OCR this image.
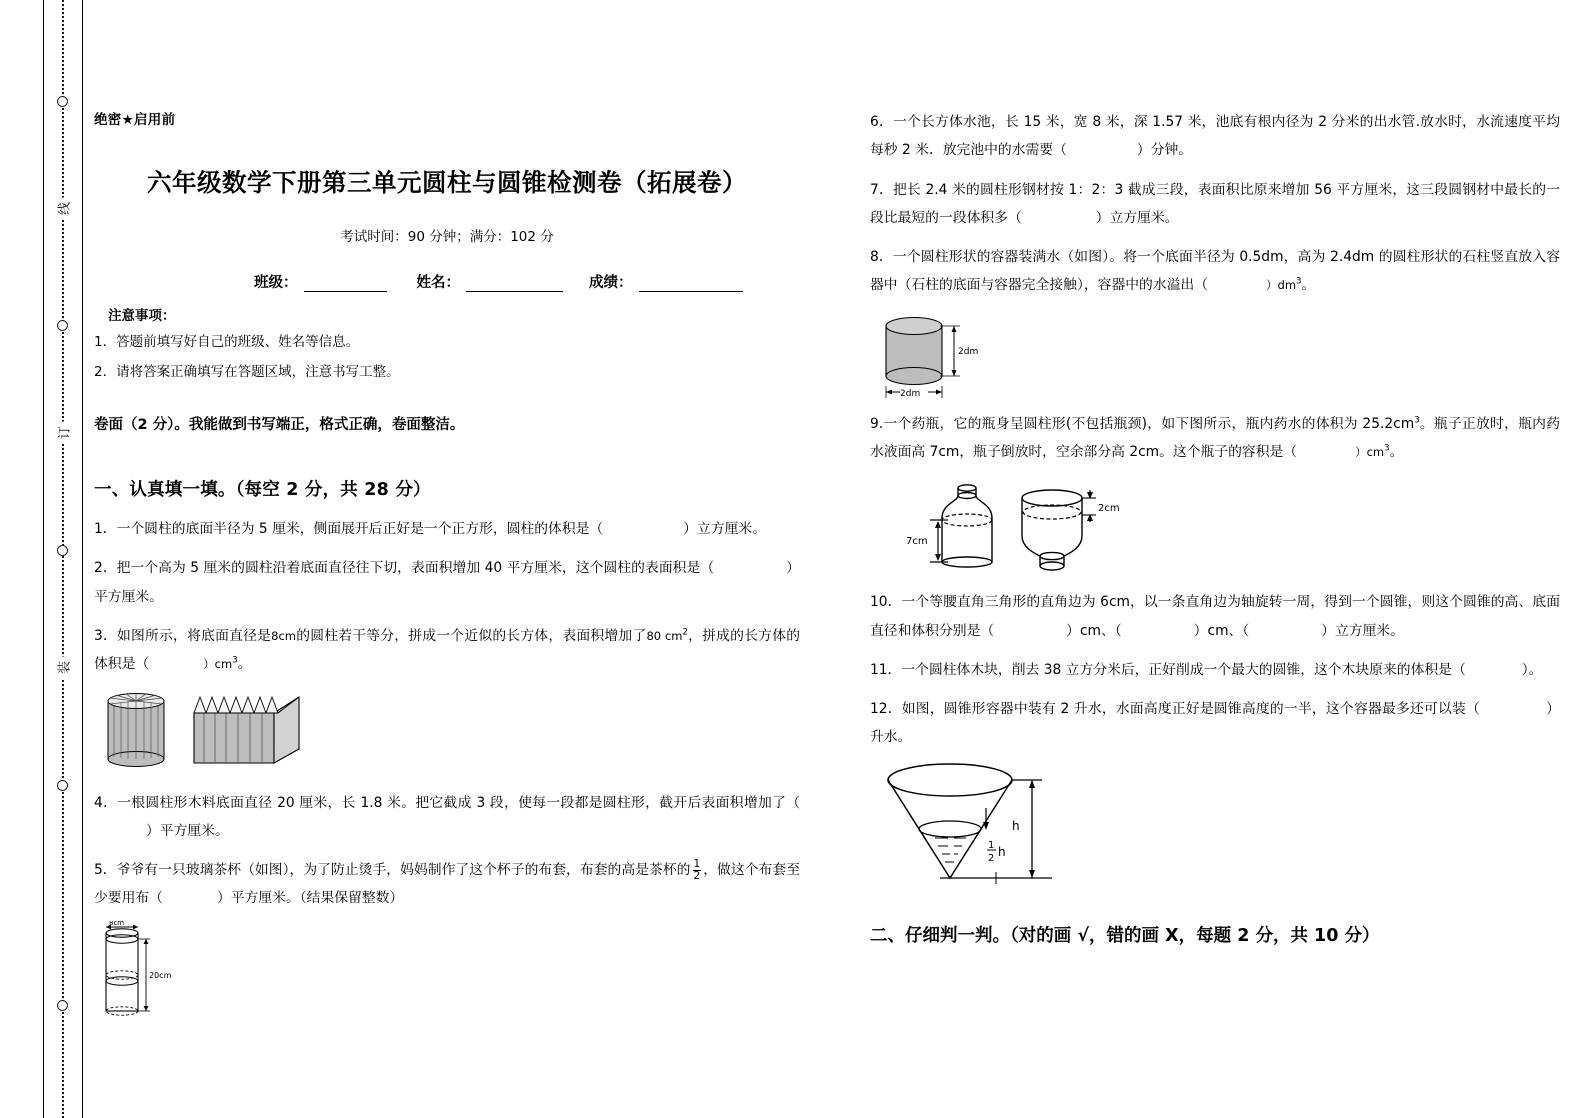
线
订
装
绝密★启用前
六年级数学下册第三单元圆柱与圆锥检测卷（拓展卷）
考试时间：90 分钟；满分：102 分
班级：	姓名：	成绩：
注意事项：
1．答题前填写好自己的班级、姓名等信息。
2．请将答案正确填写在答题区域，注意书写工整。
卷面（2 分）。我能做到书写端正，格式正确，卷面整洁。
一、认真填一填。（每空 2 分，共 28 分）
1．一个圆柱的底面半径为 5 厘米，侧面展开后正好是一个正方形，圆柱的体积是（	）立方厘米。
2．把一个高为 5 厘米的圆柱沿着底面直径往下切，表面积增加 40 平方厘米，这个圆柱的表面积是（	）平方厘米。
3．如图所示，将底面直径是8cm的圆柱若干等分，拼成一个近似的长方体，表面积增加了80 $cm^2$，拼成的长方体的体积是（	）$cm^3$。
4．一根圆柱形木料底面直径 20 厘米，长 1.8 米。把它截成 3 段，使每一段都是圆柱形，截开后表面积增加了（）平方厘米。
5．爷爷有一只玻璃茶杯（如图），为了防止烫手，妈妈制作了这个杯子的布套，布套的高是茶杯的 $\frac{1}{2}$ ，做这个布套至少要用布（	）平方厘米。（结果保留整数）
8cm
20cm
6．一个长方体水池，长 15 米，宽 8 米，深 1.57 米，池底有根内径为 2 分米的出水管.放水时，水流速度平均每秒 2 米．放完池中的水需要（	）分钟。
7．把长 2.4 米的圆柱形钢材按 1：2：3 截成三段，表面积比原来增加 56 平方厘米，这三段圆钢材中最长的一段比最短的一段体积多（	）立方厘米。
8．一个圆柱形状的容器装满水（如图）。将一个底面半径为 0.5dm，高为 2.4dm 的圆柱形状的石柱竖直放入容器中（石柱的底面与容器完全接触），容器中的水溢出（	）$dm^3$。
2dm
2dm
9.一个药瓶，它的瓶身呈圆柱形(不包括瓶颈)，如下图所示，瓶内药水的体积为 $25.2cm^3$。瓶子正放时，瓶内药水液面高 7cm，瓶子倒放时，空余部分高 2cm。这个瓶子的容积是（	）$cm^3$。
7cm
2cm
10．一个等腰直角三角形的直角边为 6cm，以一条直角边为轴旋转一周，得到一个圆锥，则这个圆锥的高、底面直径和体积分别是（	）cm、（	）cm、（	）立方厘米。
11．一个圆柱体木块，削去 38 立方分米后，正好削成一个最大的圆锥，这个木块原来的体积是（	）。
12．如图，圆锥形容器中装有 2 升水，水面高度正好是圆锥高度的一半，这个容器最多还可以装（	）升水。
h
1
2 h
二、仔细判一判。（对的画 √，错的画 X，每题 2 分，共 10 分）
